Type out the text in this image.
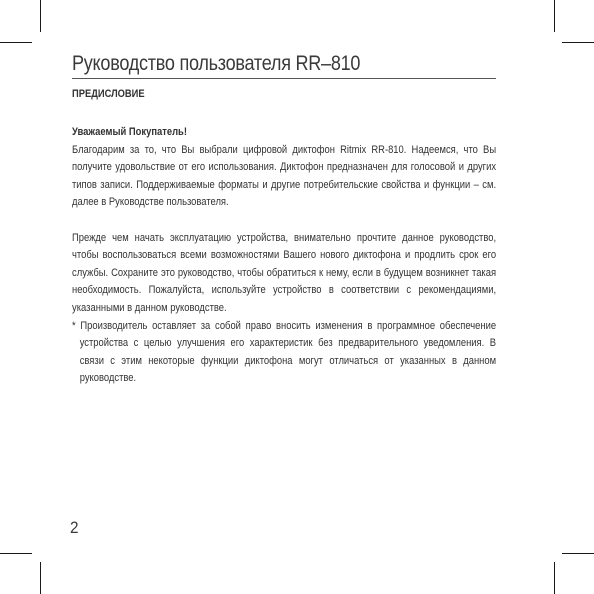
Руководство пользователя RR–810
ПРЕДИСЛОВИЕ

Уважаемый Покупатель!

Благодарим за то, что Вы выбрали цифровой диктофон Ritmix RR-810. Надеемся, что Вы получите удовольствие от его использования. Диктофон предназначен для голосовой и других типов записи. Поддерживаемые форматы и другие потребительские свойства и функции – см. далее в Руководстве пользователя.

Прежде чем начать эксплуатацию устройства, внимательно прочтите данное руководство, чтобы воспользоваться всеми возможностями Вашего нового диктофона и продлить срок его службы. Сохраните это руководство, чтобы обратиться к нему, если в будущем возникнет такая необходимость. Пожалуйста, используйте устройство в соответствии с рекомендациями, указанными в данном руководстве.

* Производитель оставляет за собой право вносить изменения в программное обеспечение устройства с целью улучшения его характеристик без предварительного уведомления. В связи с этим некоторые функции диктофона могут отличаться от указанных в данном руководстве.

2
